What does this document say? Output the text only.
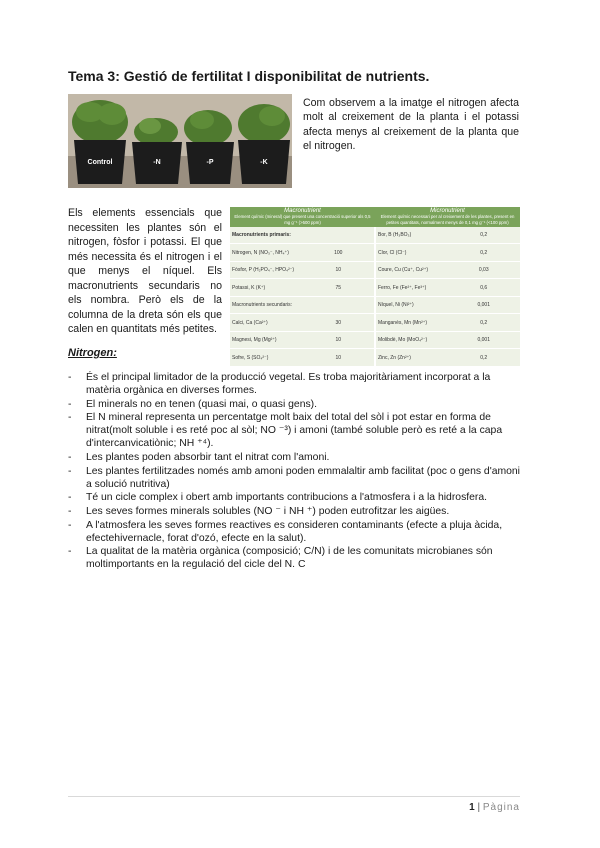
Tema 3: Gestió de fertilitat I disponibilitat de nutrients.
Control	-N	-P	-K
Com observem a la imatge el nitrogen afecta molt al creixement de la planta i el potassi afecta menys al creixement de la planta que el nitrogen.
Els elements essencials que necessiten les plantes són el nitrogen, fòsfor i potassi. El que més necessita és el nitrogen i el que menys el níquel. Els macronutrients secundaris no els nombra. Però els de la columna de la dreta són els que calen en quantitats més petites.
Macronutrient
Element químic (mineral) que present una concentració superior als 0,5 mg g⁻¹ (>500 ppm)		Micronutrient
Element químic necessari per al creixement de les plantes, present en petites quantitats, normalment menys de 0,1 mg g⁻¹ (<100 ppm)	

Macronutrients primaris:		Bor, B (H₃BO₃)	0,2
Nitrogen, N (NO₃⁻, NH₄⁺)	100	Clor, Cl (Cl⁻)	0,2
Fòsfor, P (H₂PO₄⁻, HPO₄²⁻)	10	Coure, Cu (Cu⁺, Cu²⁺)	0,03
Potassi, K (K⁺)	75	Ferro, Fe (Fe²⁺, Fe³⁺)	0,6
Macronutrients secundaris:		Níquel, Ni (Ni²⁺)	0,001
Calci, Ca (Ca²⁺)	30	Manganès, Mn (Mn²⁺)	0,2
Magnesi, Mg (Mg²⁺)	10	Molibdè, Mo (MoO₄²⁻)	0,001
Sofre, S (SO₄²⁻)	10	Zinc, Zn (Zn²⁺)	0,2
Nitrogen:
- És el principal limitador de la producció vegetal. Es troba majoritàriament incorporat a la matèria orgànica en diverses formes.
- El minerals no en tenen (quasi mai, o quasi gens).
- El N mineral representa un percentatge molt baix del total del sòl i pot estar en forma de nitrat(molt soluble i es reté poc al sòl; NO ⁻³) i amoni (també soluble però es reté a la capa d'intercanvicatiònic; NH ⁺⁴).
- Les plantes poden absorbir tant el nitrat com l'amoni.
- Les plantes fertilitzades només amb amoni poden emmalaltir amb facilitat (poc o gens d'amoni a solució nutritiva)
- Té un cicle complex i obert amb importants contribucions a l'atmosfera i a la hidrosfera.
- Les seves formes minerals solubles (NO ⁻ i NH ⁺) poden eutrofitzar les aigües.
- A l'atmosfera les seves formes reactives es consideren contaminants (efecte a pluja àcida, efectehivernacle, forat d'ozó, efecte en la salut).
- La qualitat de la matèria orgànica (composició; C/N) i de les comunitats microbianes són moltimportants en la regulació del cicle del N. C
1 | Pàgina
